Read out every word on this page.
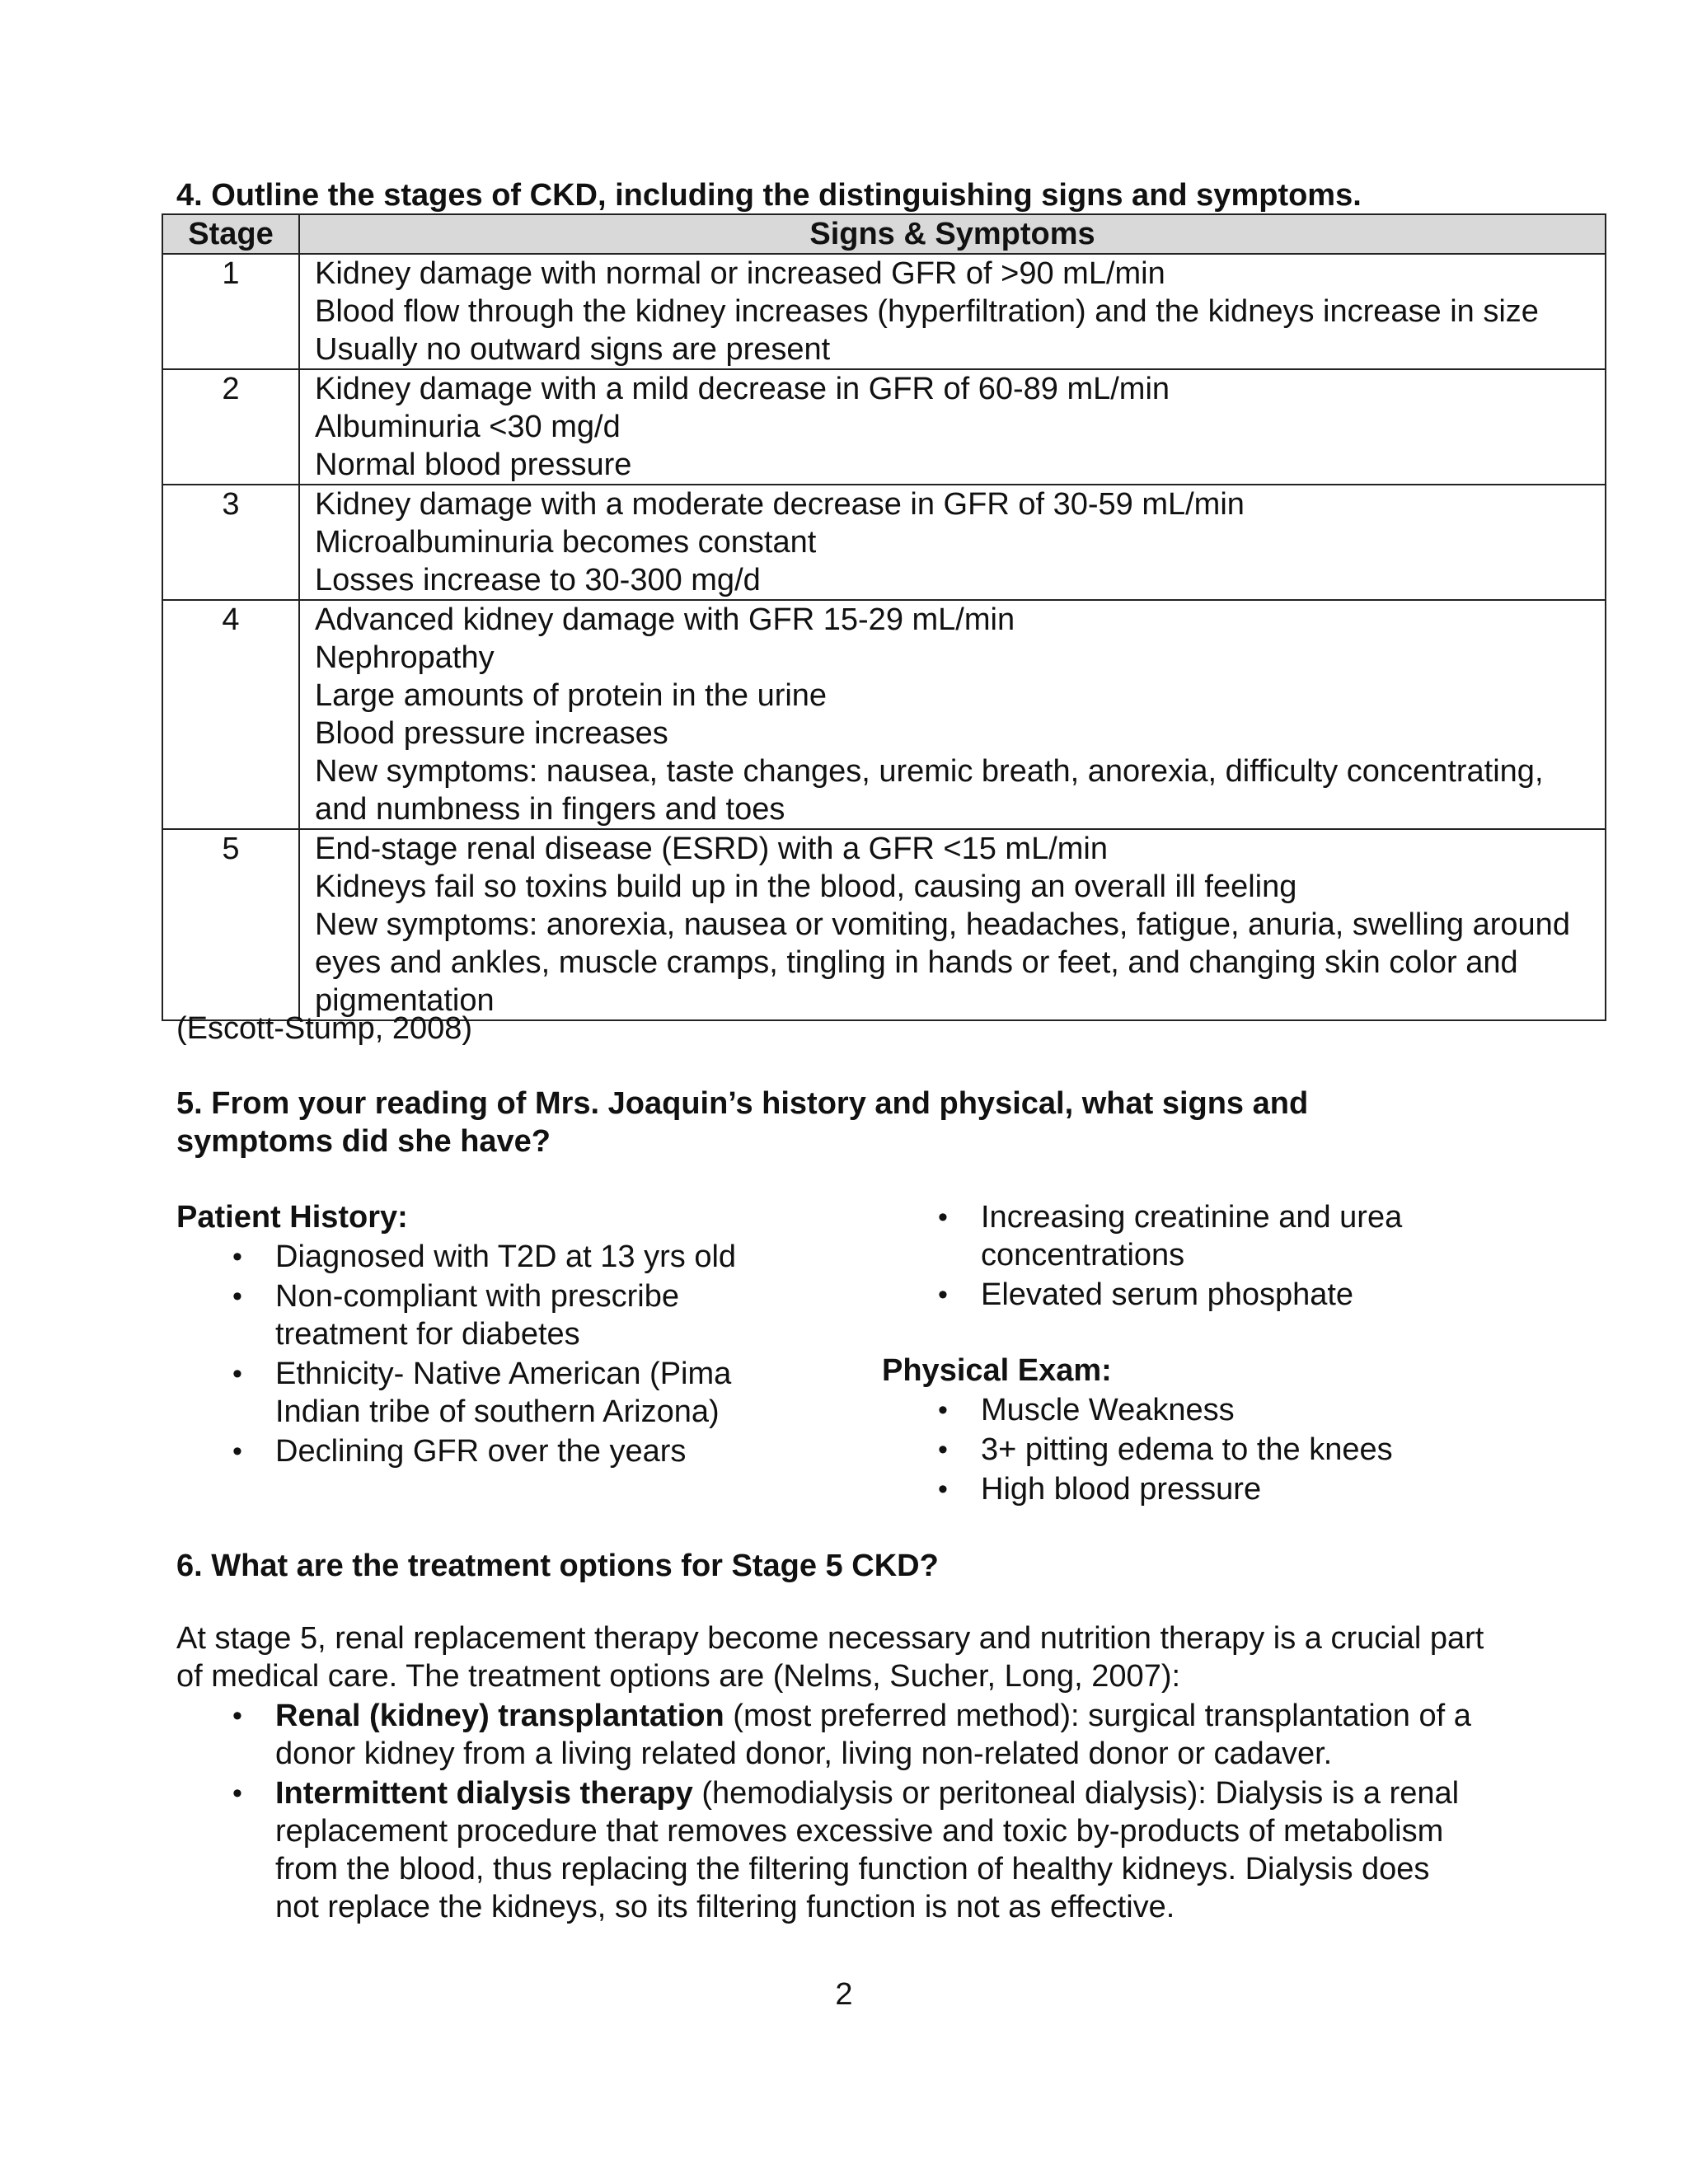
4. Outline the stages of CKD, including the distinguishing signs and symptoms.
Stage	Signs & Symptoms
1	Kidney damage with normal or increased GFR of >90 mL/min
Blood flow through the kidney increases (hyperfiltration) and the kidneys increase in size
Usually no outward signs are present

2	Kidney damage with a mild decrease in GFR of 60-89 mL/min
Albuminuria <30 mg/d
Normal blood pressure

3	Kidney damage with a moderate decrease in GFR of 30-59 mL/min
Microalbuminuria becomes constant
Losses increase to 30-300 mg/d

4	Advanced kidney damage with GFR 15-29 mL/min
Nephropathy
Large amounts of protein in the urine
Blood pressure increases
New symptoms: nausea, taste changes, uremic breath, anorexia, difficulty concentrating, and numbness in fingers and toes

5	End-stage renal disease (ESRD) with a GFR <15 mL/min
Kidneys fail so toxins build up in the blood, causing an overall ill feeling
New symptoms: anorexia, nausea or vomiting, headaches, fatigue, anuria, swelling around eyes and ankles, muscle cramps, tingling in hands or feet, and changing skin color and pigmentation
(Escott-Stump, 2008)
5. From your reading of Mrs. Joaquin’s history and physical, what signs and
symptoms did she have?
Patient History:
• Diagnosed with T2D at 13 yrs old
• Non-compliant with prescribe treatment for diabetes
• Ethnicity- Native American (Pima Indian tribe of southern Arizona)
• Declining GFR over the years
• Increasing creatinine and urea concentrations
• Elevated serum phosphate
Physical Exam:
• Muscle Weakness
• 3+ pitting edema to the knees
• High blood pressure
6. What are the treatment options for Stage 5 CKD?
At stage 5, renal replacement therapy become necessary and nutrition therapy is a crucial part of medical care. The treatment options are (Nelms, Sucher, Long, 2007):
• Renal (kidney) transplantation (most preferred method): surgical transplantation of a donor kidney from a living related donor, living non-related donor or cadaver.
• Intermittent dialysis therapy (hemodialysis or peritoneal dialysis): Dialysis is a renal replacement procedure that removes excessive and toxic by-products of metabolism from the blood, thus replacing the filtering function of healthy kidneys. Dialysis does not replace the kidneys, so its filtering function is not as effective.
2
